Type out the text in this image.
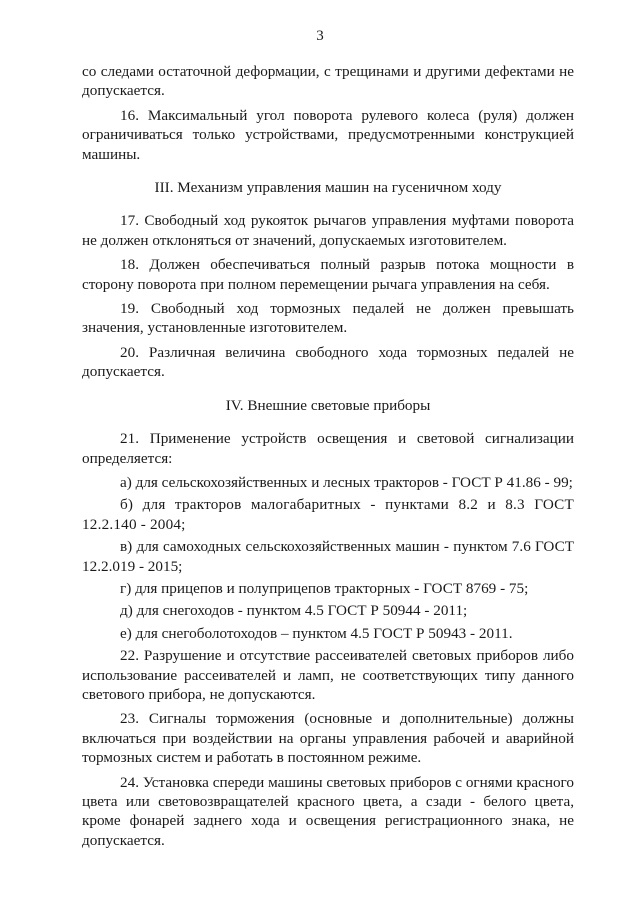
3

со следами остаточной деформации, с трещинами и другими дефектами не допускается.

16. Максимальный угол поворота рулевого колеса (руля) должен ограничиваться только устройствами, предусмотренными конструкцией машины.

III. Механизм управления машин на гусеничном ходу

17. Свободный ход рукояток рычагов управления муфтами поворота не должен отклоняться от значений, допускаемых изготовителем.

18. Должен обеспечиваться полный разрыв потока мощности в сторону поворота при полном перемещении рычага управления на себя.

19. Свободный ход тормозных педалей не должен превышать значения, установленные изготовителем.

20. Различная величина свободного хода тормозных педалей не допускается.

IV. Внешние световые приборы

21. Применение устройств освещения и световой сигнализации определяется:

а) для сельскохозяйственных и лесных тракторов - ГОСТ Р 41.86 - 99;

б) для тракторов малогабаритных - пунктами 8.2 и 8.3 ГОСТ 12.2.140 - 2004;

в) для самоходных сельскохозяйственных машин - пунктом 7.6 ГОСТ 12.2.019 - 2015;

г) для прицепов и полуприцепов тракторных - ГОСТ 8769 - 75;

д) для снегоходов - пунктом 4.5 ГОСТ Р 50944 - 2011;

е) для снегоболотоходов – пунктом 4.5 ГОСТ Р 50943 - 2011.

22. Разрушение и отсутствие рассеивателей световых приборов либо использование рассеивателей и ламп, не соответствующих типу данного светового прибора, не допускаются.

23. Сигналы торможения (основные и дополнительные) должны включаться при воздействии на органы управления рабочей и аварийной тормозных систем и работать в постоянном режиме.

24. Установка спереди машины световых приборов с огнями красного цвета или световозвращателей красного цвета, а сзади - белого цвета, кроме фонарей заднего хода и освещения регистрационного знака, не допускается.
